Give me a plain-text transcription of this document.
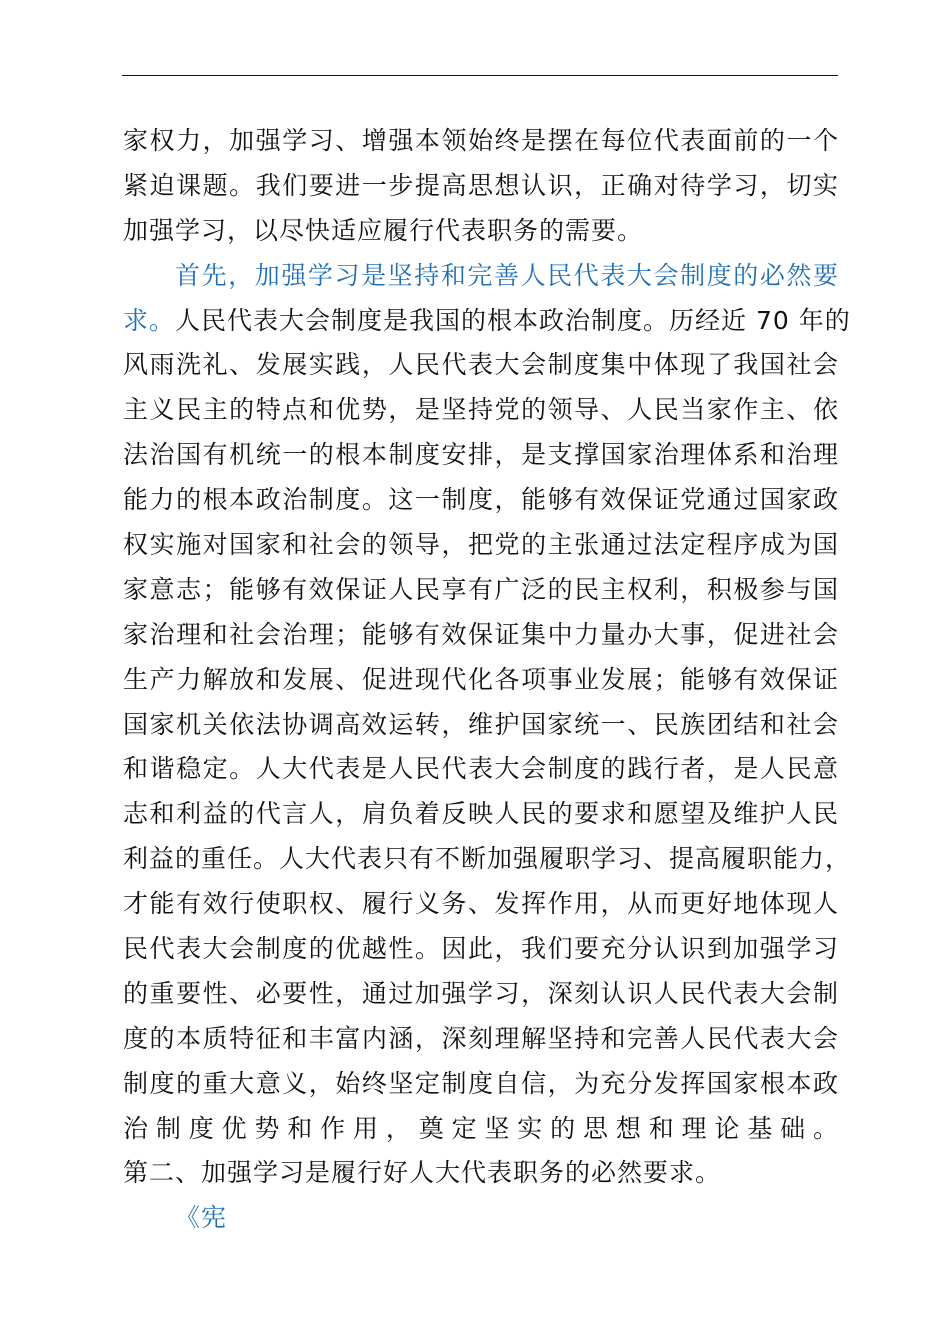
家权力，加强学习、增强本领始终是摆在每位代表面前的一个
紧迫课题。我们要进一步提高思想认识，正确对待学习，切实
加强学习，以尽快适应履行代表职务的需要。
首先，加强学习是坚持和完善人民代表大会制度的必然要
求。人民代表大会制度是我国的根本政治制度。历经近 70 年的
风雨洗礼、发展实践，人民代表大会制度集中体现了我国社会
主义民主的特点和优势，是坚持党的领导、人民当家作主、依
法治国有机统一的根本制度安排，是支撑国家治理体系和治理
能力的根本政治制度。这一制度，能够有效保证党通过国家政
权实施对国家和社会的领导，把党的主张通过法定程序成为国
家意志；能够有效保证人民享有广泛的民主权利，积极参与国
家治理和社会治理；能够有效保证集中力量办大事，促进社会
生产力解放和发展、促进现代化各项事业发展；能够有效保证
国家机关依法协调高效运转，维护国家统一、民族团结和社会
和谐稳定。人大代表是人民代表大会制度的践行者，是人民意
志和利益的代言人，肩负着反映人民的要求和愿望及维护人民
利益的重任。人大代表只有不断加强履职学习、提高履职能力，
才能有效行使职权、履行义务、发挥作用，从而更好地体现人
民代表大会制度的优越性。因此，我们要充分认识到加强学习
的重要性、必要性，通过加强学习，深刻认识人民代表大会制
度的本质特征和丰富内涵，深刻理解坚持和完善人民代表大会
制度的重大意义，始终坚定制度自信，为充分发挥国家根本政
治制度优势和作用，奠定坚实的思想和理论基础。
第二、加强学习是履行好人大代表职务的必然要求。
《宪
